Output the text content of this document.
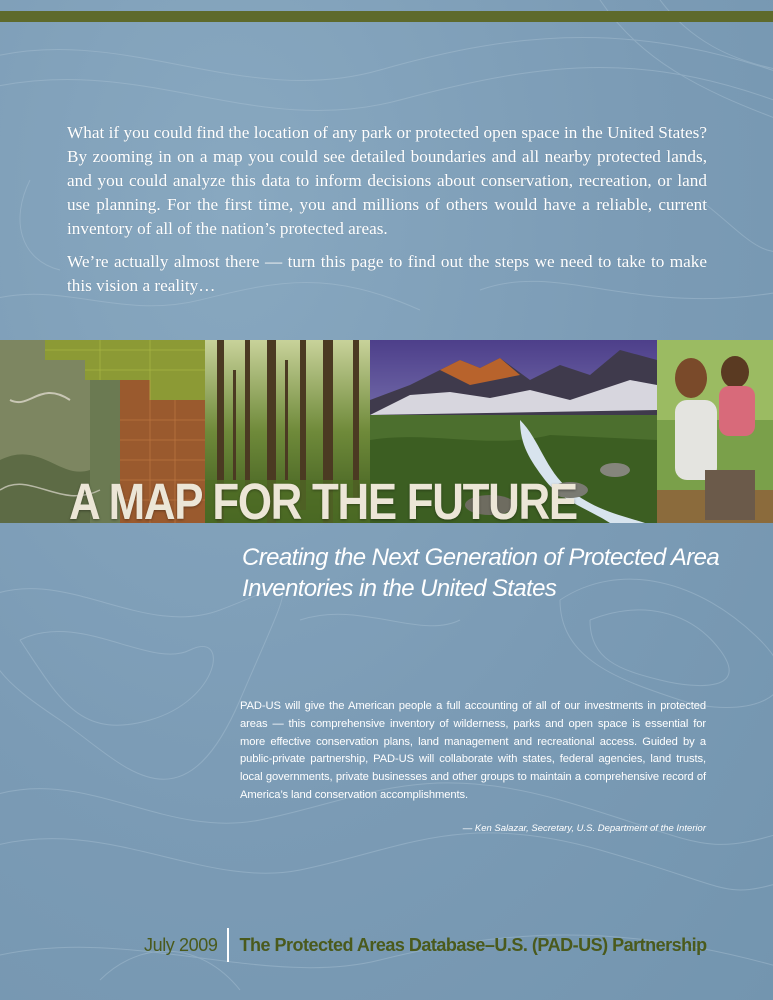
What if you could find the location of any park or protected open space in the United States? By zooming in on a map you could see detailed boundaries and all nearby protected lands, and you could analyze this data to inform decisions about conservation, recreation, or land use planning. For the first time, you and millions of others would have a reliable, current inventory of all of the nation’s protected areas.

We’re actually almost there — turn this page to find out the steps we need to take to make this vision a reality…

A MAP FOR THE FUTURE
Creating the Next Generation of Protected Area Inventories in the United States
PAD-US will give the American people a full accounting of all of our investments in protected areas — this comprehensive inventory of wilderness, parks and open space is essential for more effective conservation plans, land management and recreational access. Guided by a public-private partnership, PAD-US will collaborate with states, federal agencies, land trusts, local governments, private businesses and other groups to maintain a comprehensive record of America’s land conservation accomplishments.
— Ken Salazar, Secretary, U.S. Department of the Interior
July 2009 The Protected Areas Database–U.S. (PAD-US) Partnership
